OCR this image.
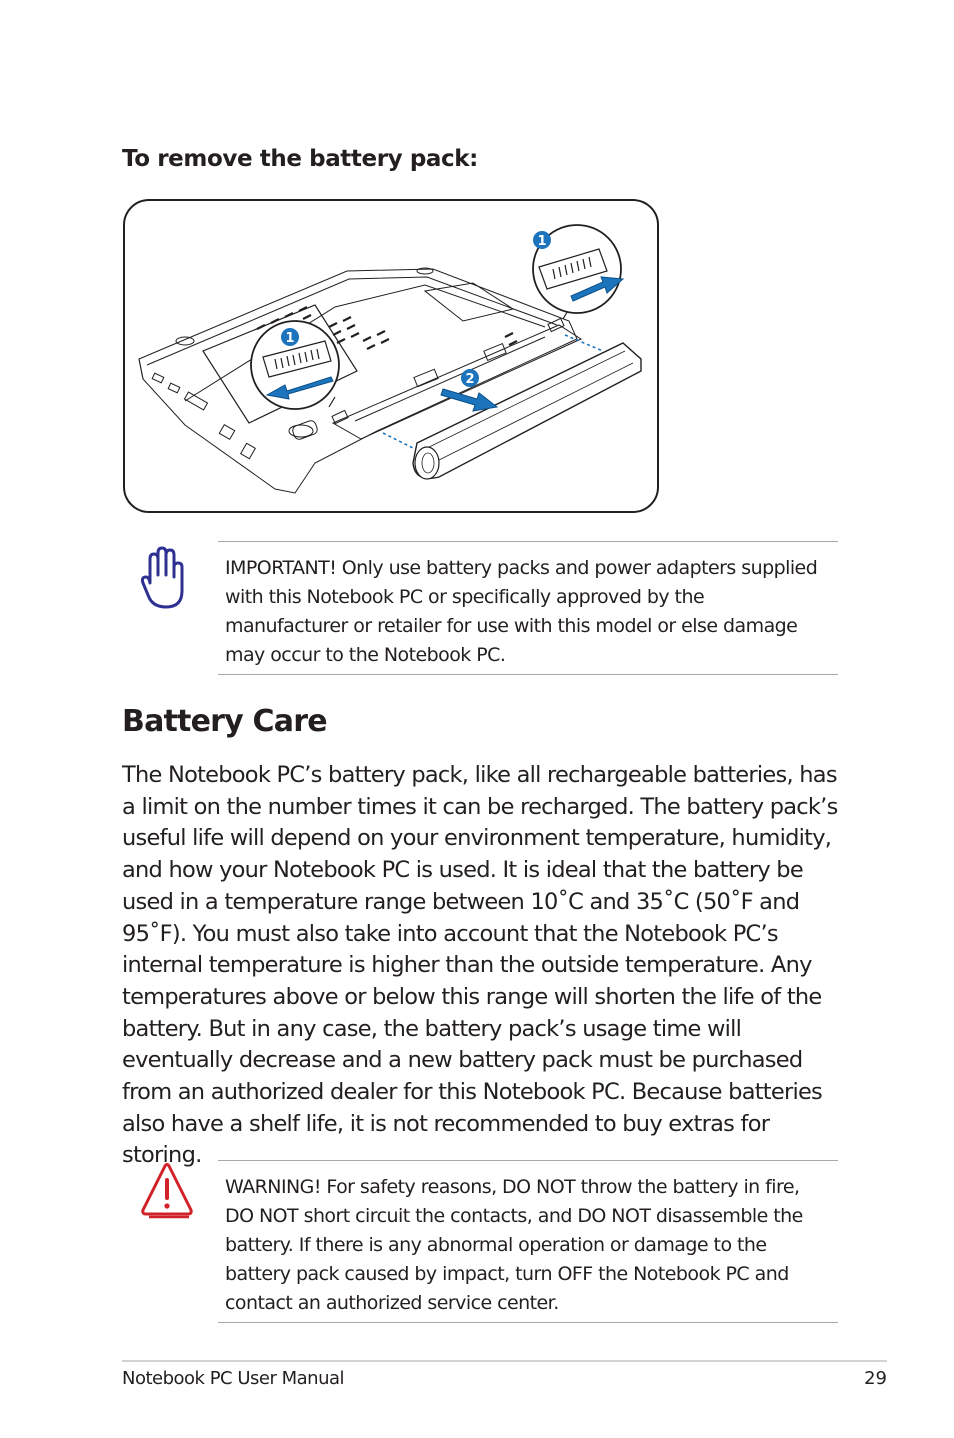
To remove the battery pack:
1
1
2
IMPORTANT! Only use battery packs and power adapters supplied with this Notebook PC or specifically approved by the manufacturer or retailer for use with this model or else damage may occur to the Notebook PC.
Battery Care

The Notebook PC’s battery pack, like all rechargeable batteries, has a limit on the number times it can be recharged. The battery pack’s useful life will depend on your environment temperature, humidity, and how your Notebook PC is used. It is ideal that the battery be used in a temperature range between 10˚C and 35˚C (50˚F and 95˚F). You must also take into account that the Notebook PC’s internal temperature is higher than the outside temperature. Any temperatures above or below this range will shorten the life of the battery. But in any case, the battery pack’s usage time will eventually decrease and a new battery pack must be purchased from an authorized dealer for this Notebook PC. Because batteries also have a shelf life, it is not recommended to buy extras for storing.

WARNING! For safety reasons, DO NOT throw the battery in fire, DO NOT short circuit the contacts, and DO NOT disassemble the battery. If there is any abnormal operation or damage to the battery pack caused by impact, turn OFF the Notebook PC and contact an authorized service center.
Notebook PC User Manual	29
